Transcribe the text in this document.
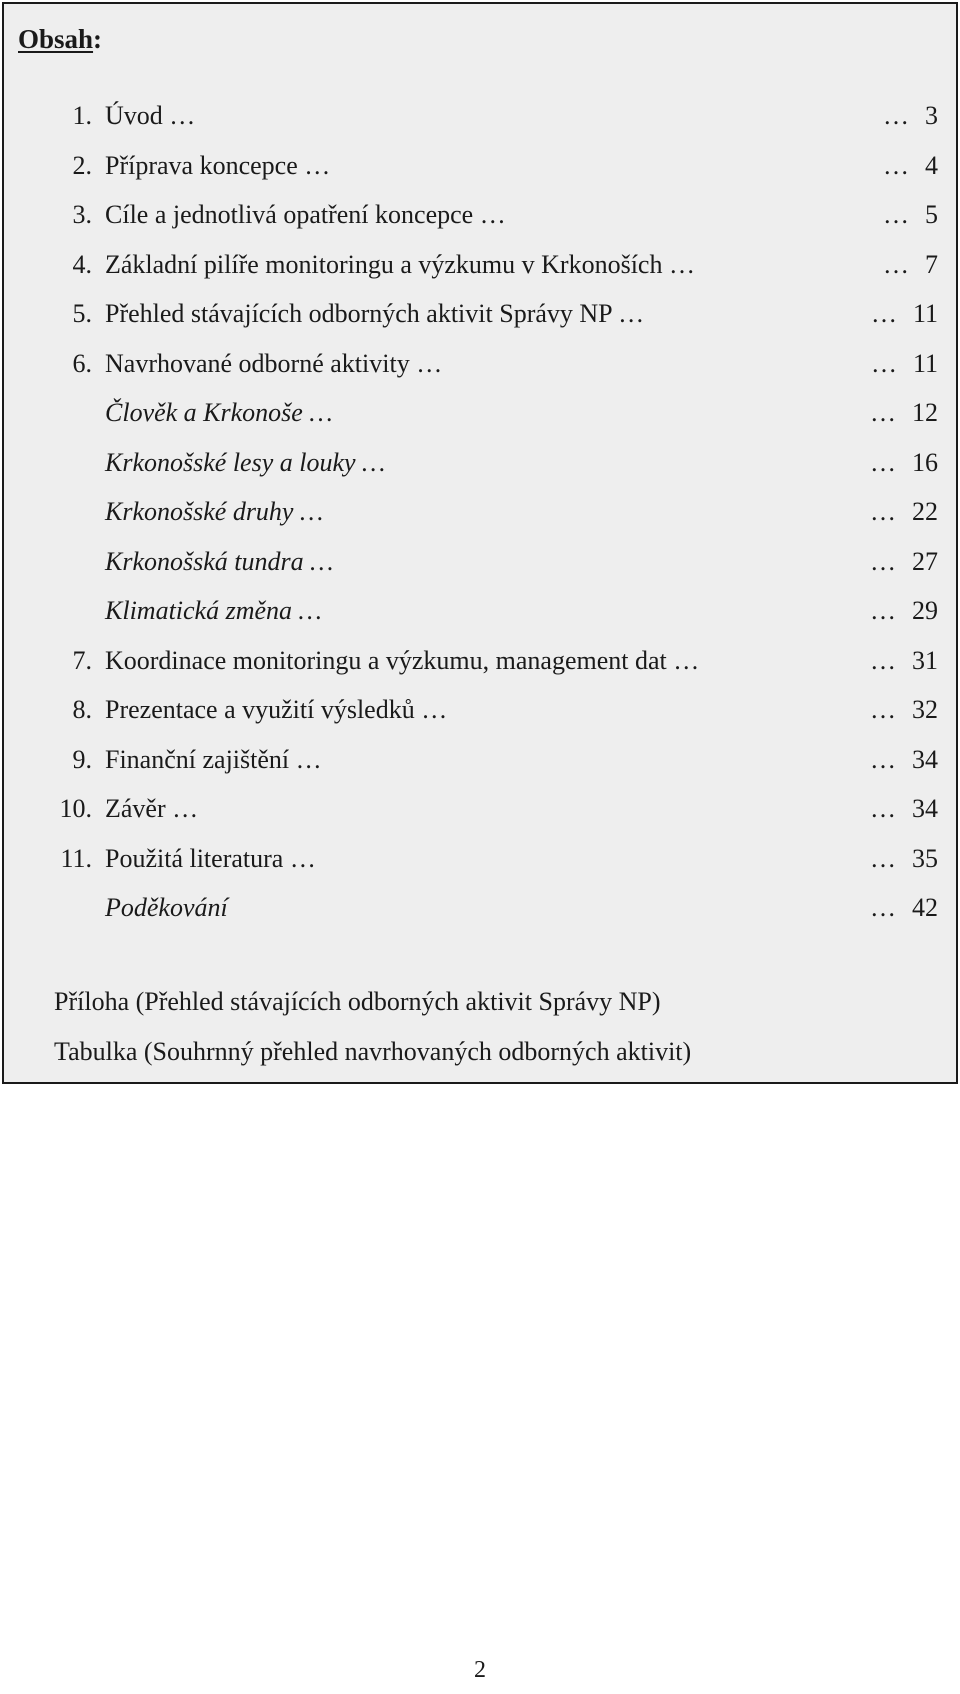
Obsah:
1. Úvod …	… 3
2. Příprava koncepce …	… 4
3. Cíle a jednotlivá opatření koncepce …	… 5
4. Základní pilíře monitoringu a výzkumu v Krkonoších …	… 7
5. Přehled stávajících odborných aktivit Správy NP …	… 11
6. Navrhované odborné aktivity …	… 11
Člověk a Krkonoše …	… 12
Krkonošské lesy a louky …	… 16
Krkonošské druhy …	… 22
Krkonošská tundra …	… 27
Klimatická změna …	… 29
7. Koordinace monitoringu a výzkumu, management dat …	… 31
8. Prezentace a využití výsledků …	… 32
9. Finanční zajištění …	… 34
10. Závěr …	… 34
11. Použitá literatura …	… 35
Poděkování	… 42

Příloha (Přehled stávajících odborných aktivit Správy NP)

Tabulka (Souhrnný přehled navrhovaných odborných aktivit)

2
